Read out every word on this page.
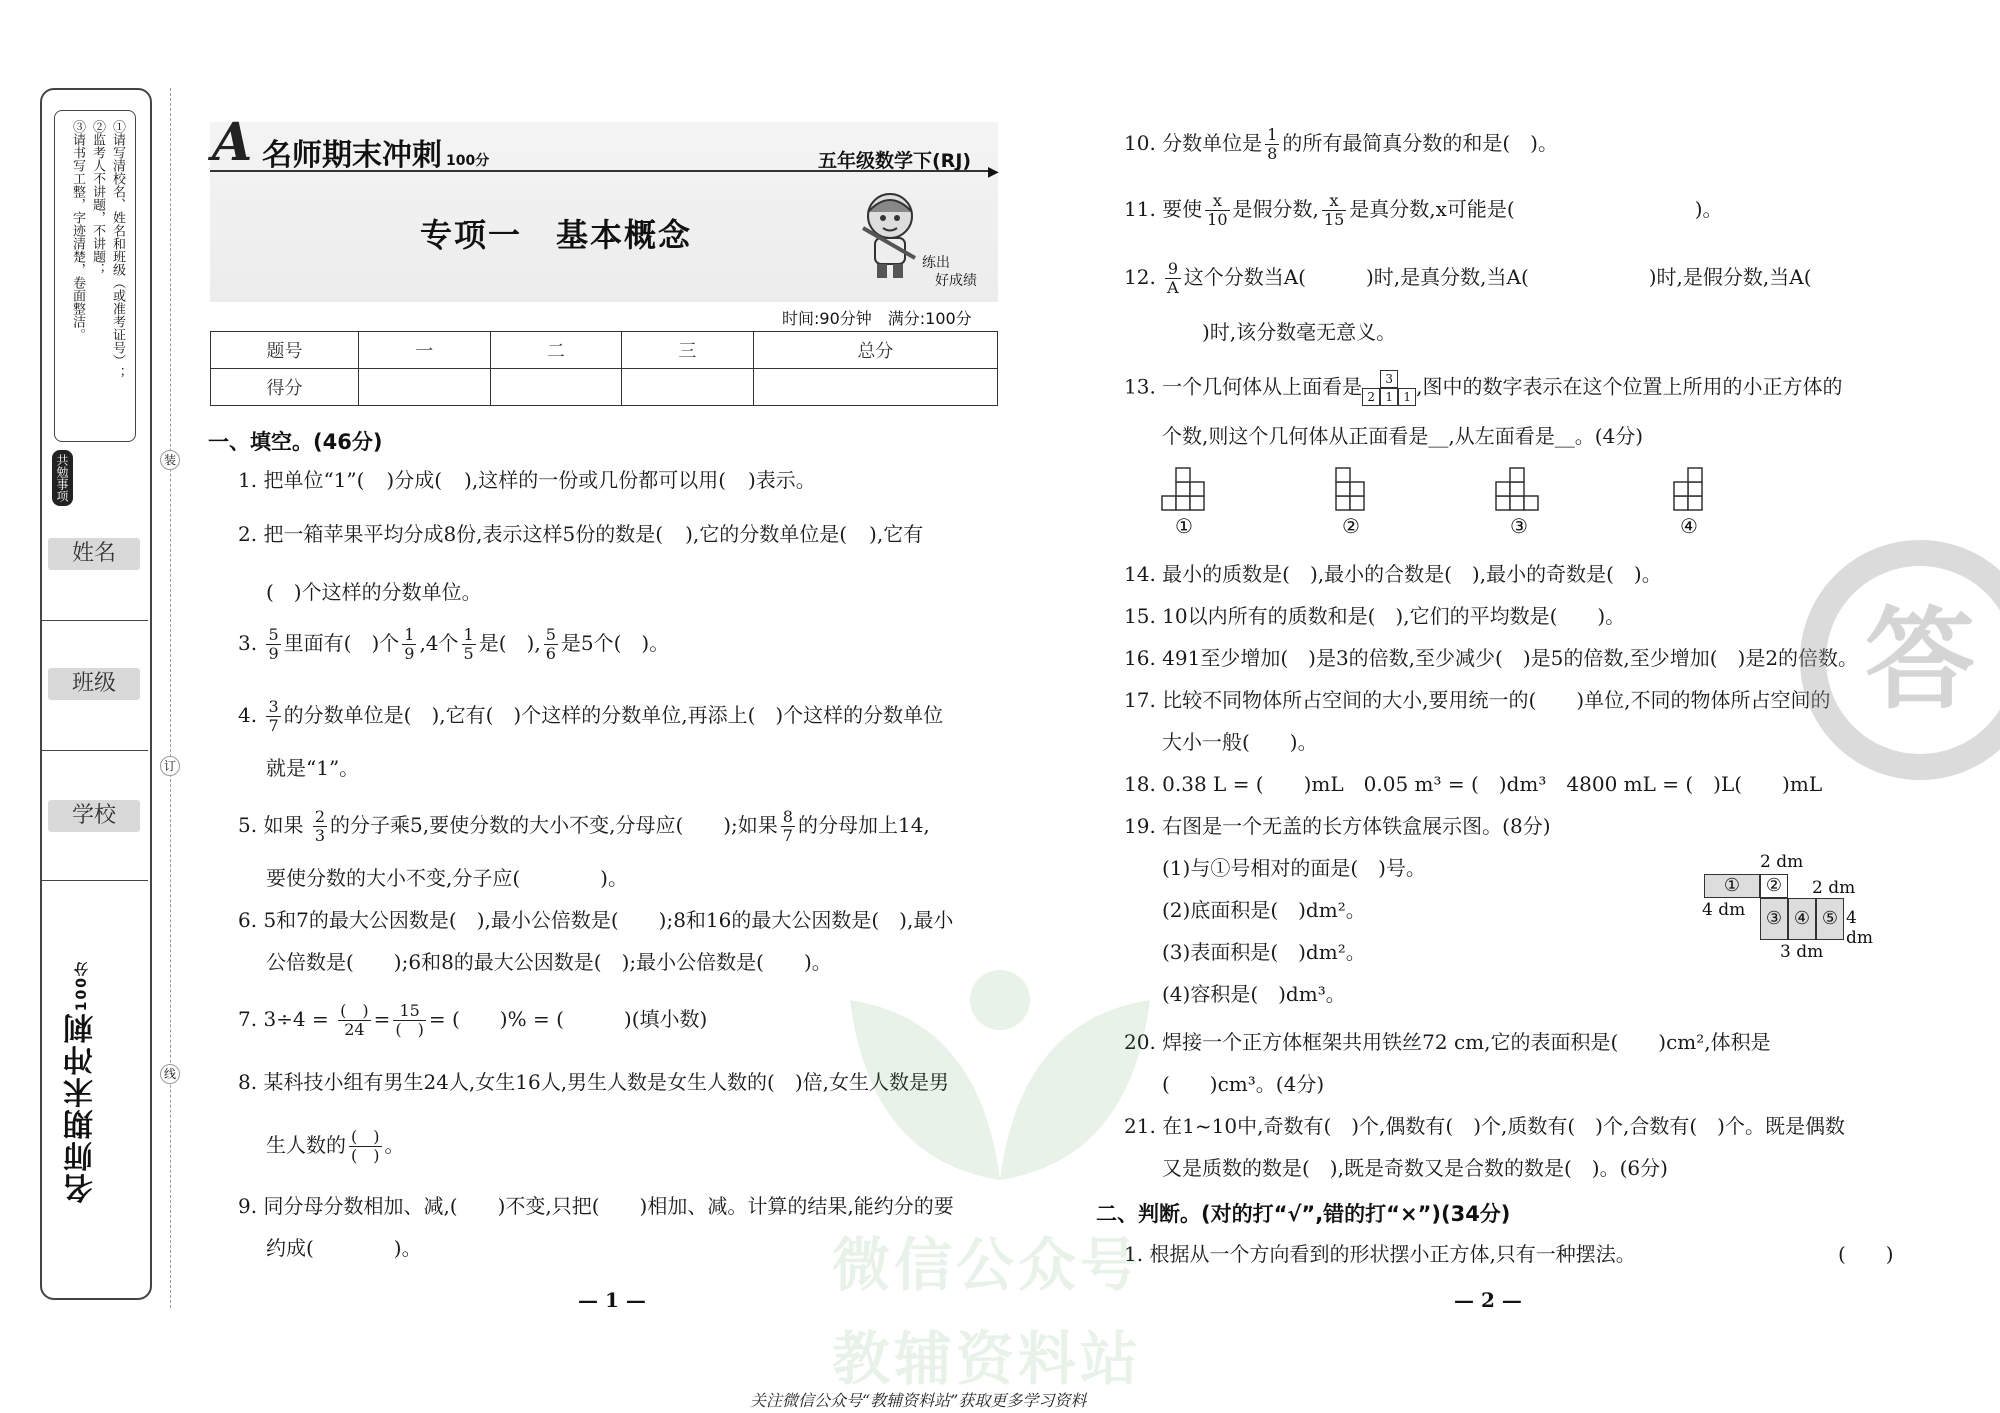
①请写清校名、姓名和班级（或准考证号）；
②监考人不讲题，不讲题；
③请书写工整，字迹清楚，卷面整洁。
共勉事项
姓名
班级
学校
名师期末冲刺100分
装
订
线
A 名师期末冲刺 100分	五年级数学下(RJ) ▶
专项一　基本概念
练出
好成绩
时间:90分钟　满分:100分
题号	一	二	三	总分
得分				
一、填空。(46分)
1. 把单位“1”( )分成( ),这样的一份或几份都可以用( )表示。
2. 把一箱苹果平均分成8份,表示这样5份的数是( ),它的分数单位是( ),它有
(　)个这样的分数单位。
3. $\frac{5}{9}$ 里面有(　)个 $\frac{1}{9} ,4$个 $\frac{1}{5}$ 是(　), $\frac{5}{6}$ 是5个(　)。
4. $\frac{3}{7}$ 的分数单位是(　),它有(　)个这样的分数单位,再添上(　)个这样的分数单位
就是“1”。
5. 如果 $\frac{2}{3}$ 的分子乘5,要使分数的大小不变,分母应(　　);如果 $\frac{8}{7}$ 的分母加上14,
要使分数的大小不变,分子应(　　　　)。
6. 5和7的最大公因数是(　),最小公倍数是(　　);8和16的最大公因数是(　),最小
公倍数是(　　);6和8的最大公因数是(　);最小公倍数是(　　)。
7. $3\div 4 = \frac{( )}{24} = \frac{15}{( )}$ = (　　)% = (　　　)(填小数)
8. 某科技小组有男生24人,女生16人,男生人数是女生人数的(　)倍,女生人数是男
生人数的 $\frac{( )}{( )}$ 。
9. 同分母分数相加、减,(　　)不变,只把(　　)相加、减。计算的结果,能约分的要
约成(　　　　)。
— 1 —
10. 分数单位是 $\frac{1}{8}$ 的所有最简真分数的和是(　)。
11. 要使 $\frac{x}{10}$ 是假分数, $\frac{x}{15}$ 是真分数,x可能是(　　　　　　　　　)。
12. $\frac{9}{A}$ 这个分数当A(　　　)时,是真分数,当A(　　　　　　)时,是假分数,当A(
　　)时,该分数毫无意义。
13. 一个几何体从上面看是	3
2 1 1 ,图中的数字表示在这个位置上所用的小正方体的
个数,则这个几何体从正面看是__,从左面看是__。(4分)
①	②	③	④
14. 最小的质数是(　),最小的合数是(　),最小的奇数是(　)。
15. 10以内所有的质数和是(　),它们的平均数是(　　)。
16. 491至少增加(　)是3的倍数,至少减少(　)是5的倍数,至少增加(　)是2的倍数。
17. 比较不同物体所占空间的大小,要用统一的(　　)单位,不同的物体所占空间的
大小一般(　　)。
18. 0.38 L = (　　)mL　0.05 m³ = (　)dm³　4800 mL = (　)L(　　)mL
19. 右图是一个无盖的长方体铁盒展示图。(8分)
(1)与①号相对的面是(　)号。
(2)底面积是(　)dm²。
(3)表面积是(　)dm²。
(4)容积是(　)dm³。
2 dm
①	②	2 dm
4 dm	③ ④ ⑤ 4 dm
3 dm
20. 焊接一个正方体框架共用铁丝72 cm,它的表面积是(　　)cm²,体积是
(　　)cm³。(4分)
21. 在1~10中,奇数有(　)个,偶数有(　)个,质数有(　)个,合数有(　)个。既是偶数
又是质数的数是(　),既是奇数又是合数的数是(　)。(6分)
二、判断。(对的打“√”,错的打“×”)(34分)
1. 根据从一个方向看到的形状摆小正方体,只有一种摆法。	(　　)
— 2 —
微信公众号
教辅资料站
答
关注微信公众号“教辅资料站”获取更多学习资料
